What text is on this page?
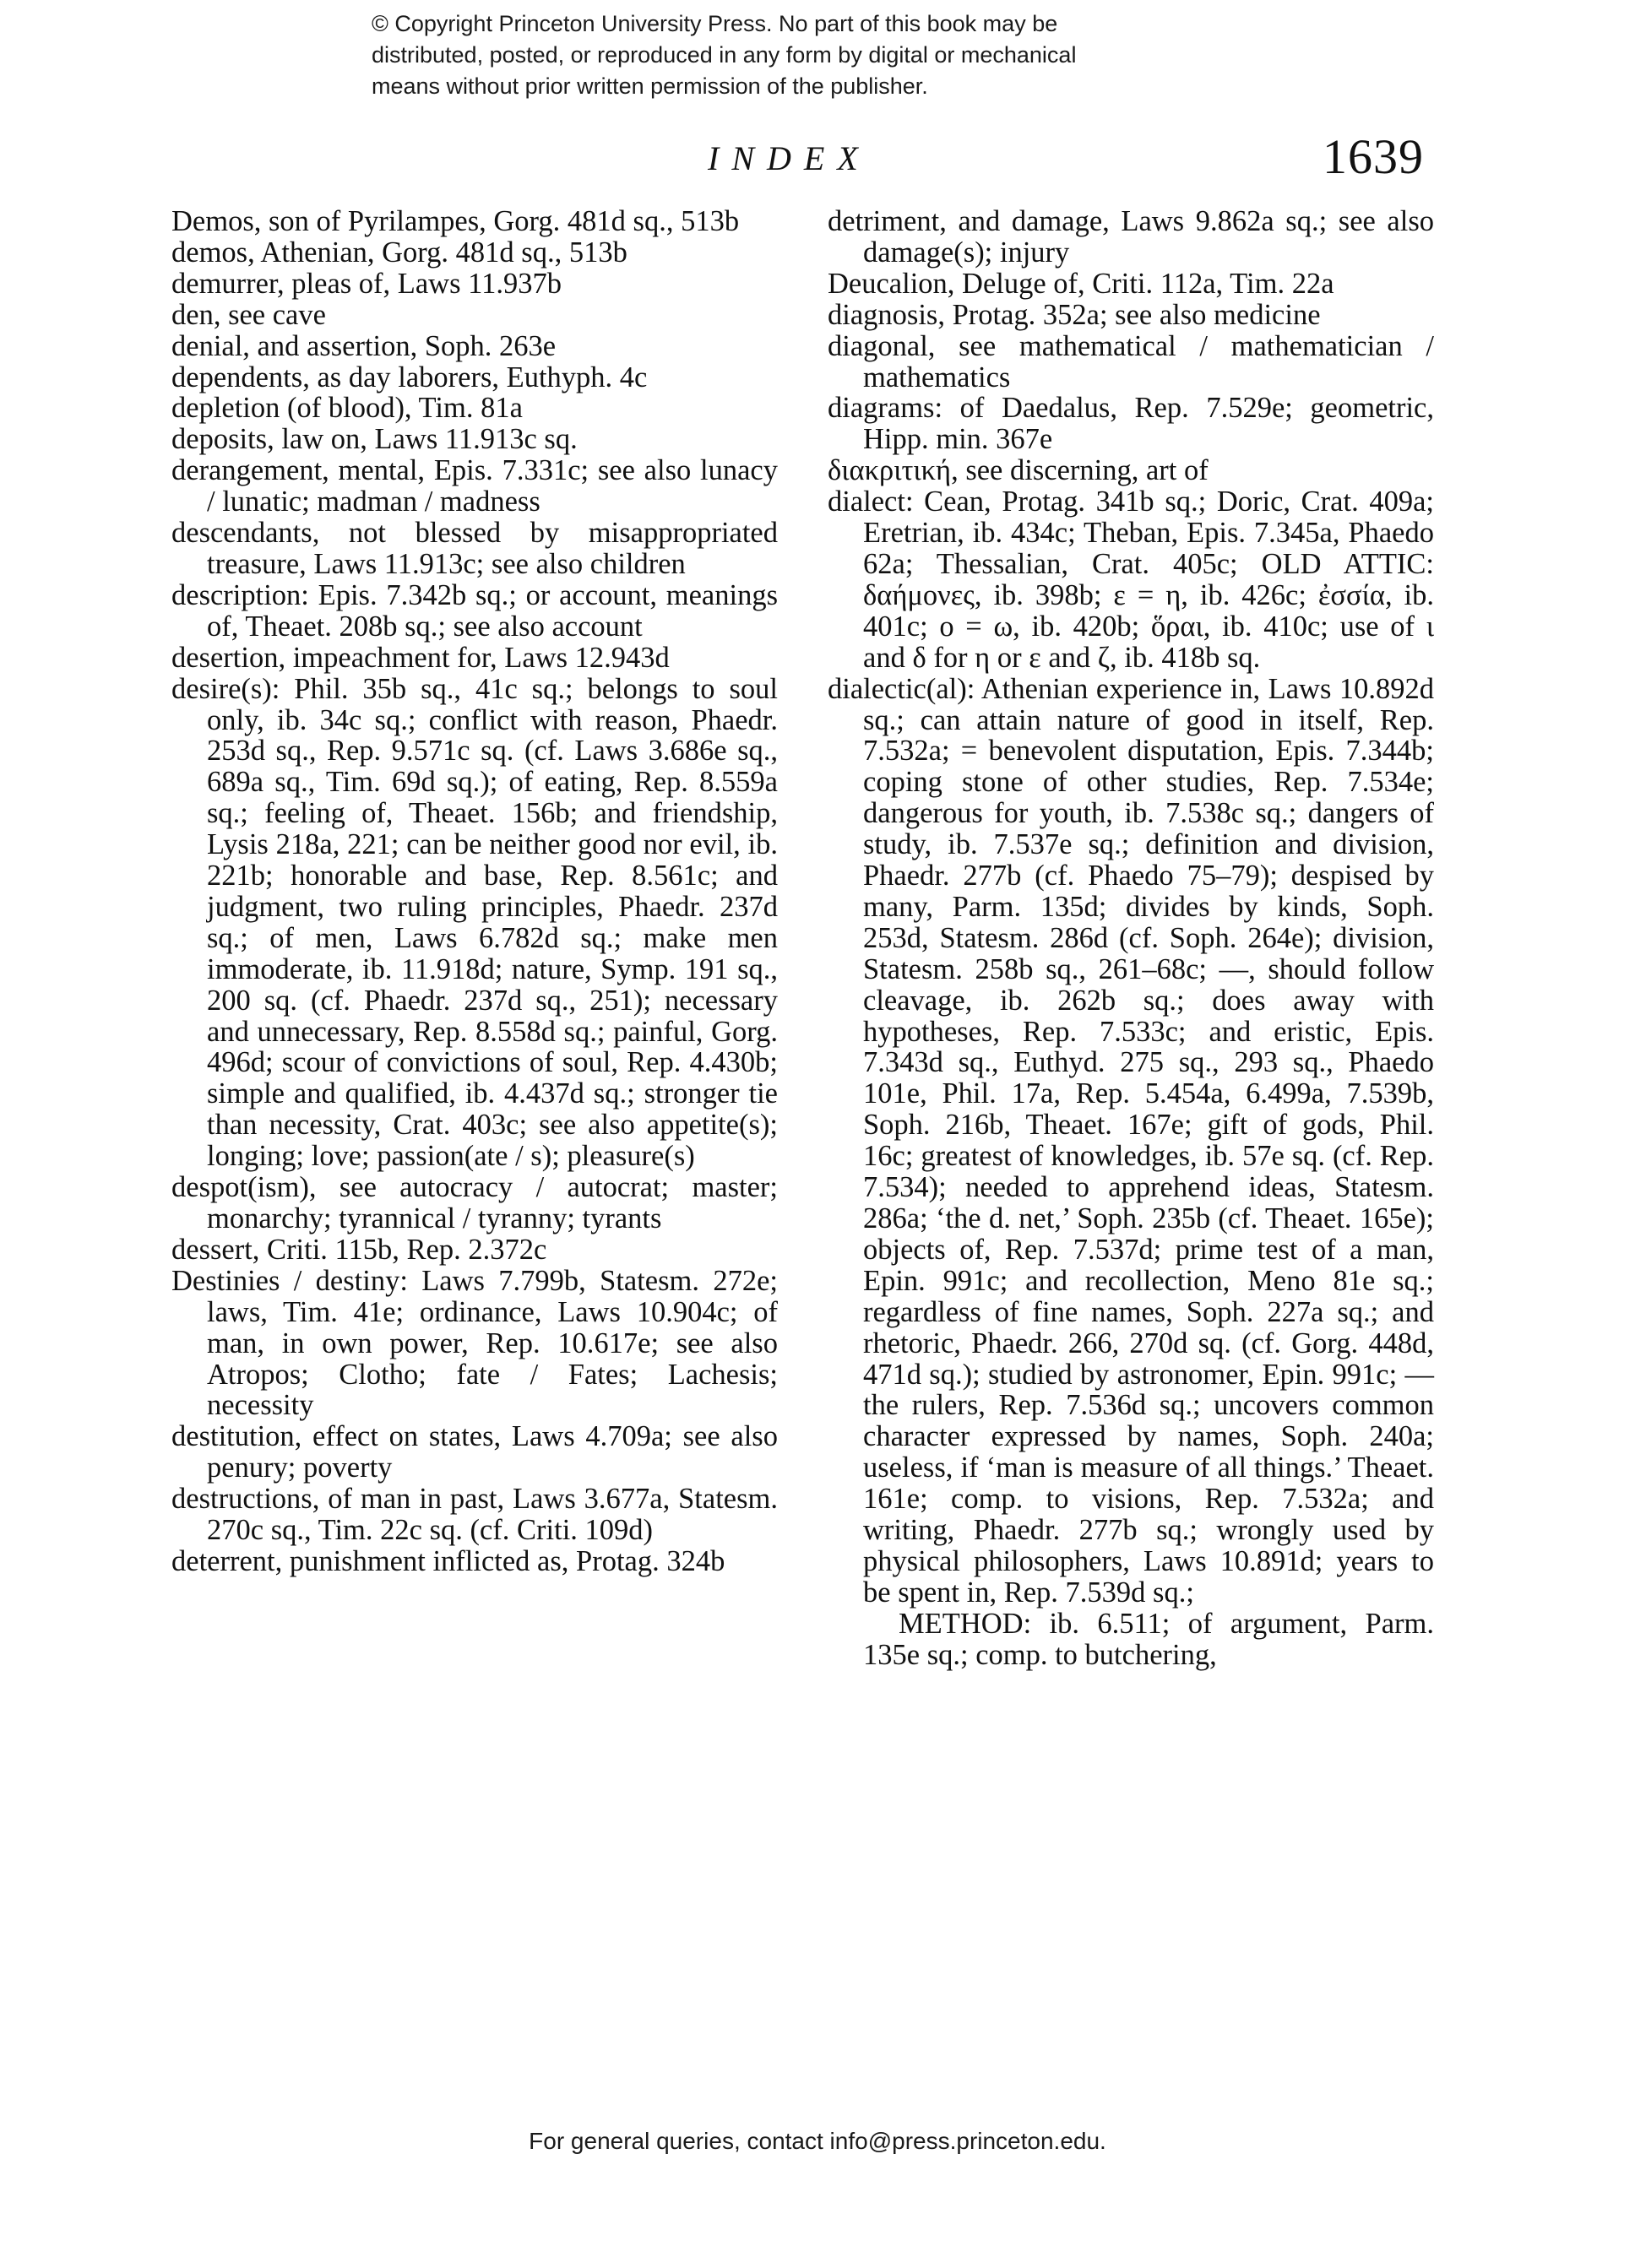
© Copyright Princeton University Press. No part of this book may be
distributed, posted, or reproduced in any form by digital or mechanical
means without prior written permission of the publisher.
INDEX	1639

Demos, son of Pyrilampes, Gorg. 481d sq., 513b

demos, Athenian, Gorg. 481d sq., 513b

demurrer, pleas of, Laws 11.937b

den, see cave

denial, and assertion, Soph. 263e

dependents, as day laborers, Euthyph. 4c

depletion (of blood), Tim. 81a

deposits, law on, Laws 11.913c sq.

derangement, mental, Epis. 7.331c; see also lunacy / lunatic; madman / madness

descendants, not blessed by misappropriated treasure, Laws 11.913c; see also children

description: Epis. 7.342b sq.; or account, meanings of, Theaet. 208b sq.; see also account

desertion, impeachment for, Laws 12.943d

desire(s): Phil. 35b sq., 41c sq.; belongs to soul only, ib. 34c sq.; conflict with reason, Phaedr. 253d sq., Rep. 9.571c sq. (cf. Laws 3.686e sq., 689a sq., Tim. 69d sq.); of eating, Rep. 8.559a sq.; feeling of, Theaet. 156b; and friendship, Lysis 218a, 221; can be neither good nor evil, ib. 221b; honorable and base, Rep. 8.561c; and judgment, two ruling principles, Phaedr. 237d sq.; of men, Laws 6.782d sq.; make men immoderate, ib. 11.918d; nature, Symp. 191 sq., 200 sq. (cf. Phaedr. 237d sq., 251); necessary and unnecessary, Rep. 8.558d sq.; painful, Gorg. 496d; scour of convictions of soul, Rep. 4.430b; simple and qualified, ib. 4.437d sq.; stronger tie than necessity, Crat. 403c; see also appetite(s); longing; love; passion(ate / s); pleasure(s)

despot(ism), see autocracy / autocrat; master; monarchy; tyrannical / tyranny; tyrants

dessert, Criti. 115b, Rep. 2.372c

Destinies / destiny: Laws 7.799b, Statesm. 272e; laws, Tim. 41e; ordinance, Laws 10.904c; of man, in own power, Rep. 10.617e; see also Atropos; Clotho; fate / Fates; Lachesis; necessity

destitution, effect on states, Laws 4.709a; see also penury; poverty

destructions, of man in past, Laws 3.677a, Statesm. 270c sq., Tim. 22c sq. (cf. Criti. 109d)

deterrent, punishment inflicted as, Protag. 324b

detriment, and damage, Laws 9.862a sq.; see also damage(s); injury

Deucalion, Deluge of, Criti. 112a, Tim. 22a

diagnosis, Protag. 352a; see also medicine

diagonal, see mathematical / mathematician / mathematics

diagrams: of Daedalus, Rep. 7.529e; geometric, Hipp. min. 367e

διακριτική, see discerning, art of

dialect: Cean, Protag. 341b sq.; Doric, Crat. 409a; Eretrian, ib. 434c; Theban, Epis. 7.345a, Phaedo 62a; Thessalian, Crat. 405c; OLD ATTIC: δαήμονες, ib. 398b; ε = η, ib. 426c; ἐσσία, ib. 401c; ο = ω, ib. 420b; ὅραι, ib. 410c; use of ι and δ for η or ε and ζ, ib. 418b sq.

dialectic(al): Athenian experience in, Laws 10.892d sq.; can attain nature of good in itself, Rep. 7.532a; = benevolent disputation, Epis. 7.344b; coping stone of other studies, Rep. 7.534e; dangerous for youth, ib. 7.538c sq.; dangers of study, ib. 7.537e sq.; definition and division, Phaedr. 277b (cf. Phaedo 75–79); despised by many, Parm. 135d; divides by kinds, Soph. 253d, Statesm. 286d (cf. Soph. 264e); division, Statesm. 258b sq., 261–68c; —, should follow cleavage, ib. 262b sq.; does away with hypotheses, Rep. 7.533c; and eristic, Epis. 7.343d sq., Euthyd. 275 sq., 293 sq., Phaedo 101e, Phil. 17a, Rep. 5.454a, 6.499a, 7.539b, Soph. 216b, Theaet. 167e; gift of gods, Phil. 16c; greatest of knowledges, ib. 57e sq. (cf. Rep. 7.534); needed to apprehend ideas, Statesm. 286a; ‘the d. net,’ Soph. 235b (cf. Theaet. 165e); objects of, Rep. 7.537d; prime test of a man, Epin. 991c; and recollection, Meno 81e sq.; regardless of fine names, Soph. 227a sq.; and rhetoric, Phaedr. 266, 270d sq. (cf. Gorg. 448d, 471d sq.); studied by astronomer, Epin. 991c; — the rulers, Rep. 7.536d sq.; uncovers common character expressed by names, Soph. 240a; useless, if ‘man is measure of all things.’ Theaet. 161e; comp. to visions, Rep. 7.532a; and writing, Phaedr. 277b sq.; wrongly used by physical philosophers, Laws 10.891d; years to be spent in, Rep. 7.539d sq.;

METHOD: ib. 6.511; of argument, Parm. 135e sq.; comp. to butchering,

For general queries, contact info@press.princeton.edu.
